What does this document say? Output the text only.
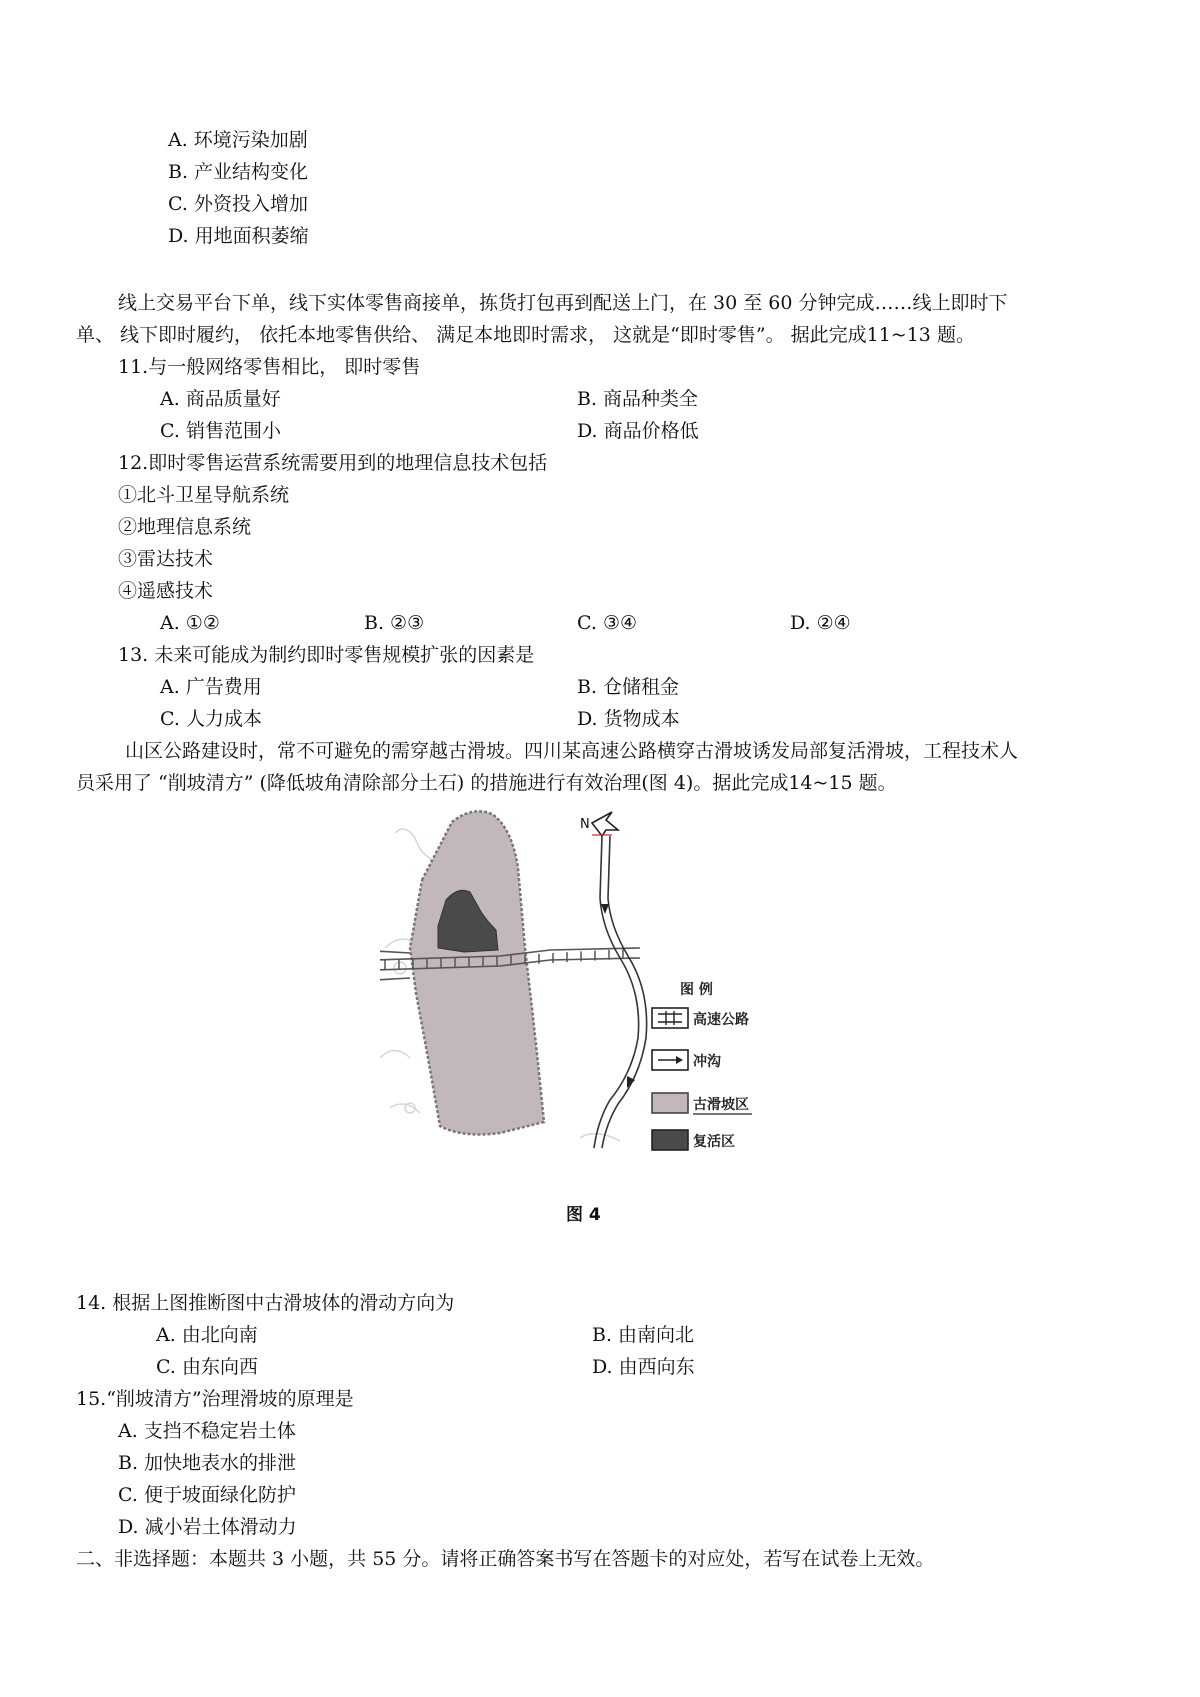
A. 环境污染加剧
B. 产业结构变化
C. 外资投入增加
D. 用地面积萎缩
线上交易平台下单，线下实体零售商接单，拣货打包再到配送上门，在 30 至 60 分钟完成……线上即时下
单、 线下即时履约， 依托本地零售供给、 满足本地即时需求， 这就是“即时零售”。 据此完成11~13 题。
11.与一般网络零售相比， 即时零售
A. 商品质量好	B. 商品种类全
C. 销售范围小	D. 商品价格低
12.即时零售运营系统需要用到的地理信息技术包括
①北斗卫星导航系统
②地理信息系统
③雷达技术
④遥感技术
A. ①②	B. ②③	C. ③④	D. ②④
13. 未来可能成为制约即时零售规模扩张的因素是
A. 广告费用	B. 仓储租金
C. 人力成本	D. 货物成本
山区公路建设时，常不可避免的需穿越古滑坡。四川某高速公路横穿古滑坡诱发局部复活滑坡，工程技术人
员采用了 “削坡清方” (降低坡角清除部分土石) 的措施进行有效治理(图 4)。据此完成14~15 题。
N
图 例
高速公路
冲沟
古滑坡区
复活区
图 4
14. 根据上图推断图中古滑坡体的滑动方向为
A. 由北向南	B. 由南向北
C. 由东向西	D. 由西向东
15.“削坡清方”治理滑坡的原理是
A. 支挡不稳定岩土体
B. 加快地表水的排泄
C. 便于坡面绿化防护
D. 减小岩土体滑动力
二、非选择题：本题共 3 小题，共 55 分。请将正确答案书写在答题卡的对应处，若写在试卷上无效。
